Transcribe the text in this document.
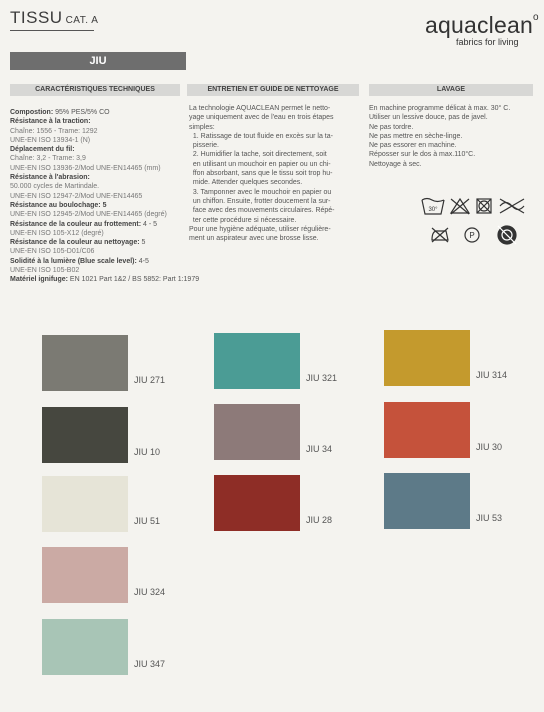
TISSU CAT. A	aquaclean$^o$
fabrics for living
JIU
CARACTÉRISTIQUES TECHNIQUES	ENTRETIEN ET GUIDE DE NETTOYAGE	LAVAGE
Compostion: 95% PES/5% CO
Résistance à la traction:
Chaîne: 1556 - Trame: 1292
UNE-EN ISO 13934-1 (N)
Déplacement du fil:
Chaîne: 3,2 - Trame: 3,9
UNE-EN ISO 13936-2/Mod UNE-EN14465 (mm)
Résistance à l'abrasion:
50.000 cycles de Martindale.
UNE-EN ISO 12947-2/Mod UNE-EN14465
Résistance au boulochage: 5
UNE-EN ISO 12945-2/Mod UNE-EN14465 (degré)
Résistance de la couleur au frottement: 4 - 5
UNE-EN ISO 105-X12 (degré)
Résistance de la couleur au nettoyage: 5
UNE-EN ISO 105-D01/C06
Solidité à la lumière (Blue scale level): 4-5
UNE-EN ISO 105-B02
Matériel ignifuge: EN 1021 Part 1&2 / BS 5852: Part 1:1979
La technologie AQUACLEAN permet le netto-
yage uniquement avec de l'eau en trois étapes
simples:
1. Ratissage de tout fluide en excès sur la ta-
pisserie.
2. Humidifier la tache, soit directement, soit
en utilisant un mouchoir en papier ou un chi-
ffon absorbant, sans que le tissu soit trop hu-
mide. Attender quelques secondes.
3. Tamponner avec le mouchoir en papier ou
un chiffon. Ensuite, frotter doucement la sur-
face avec des mouvements circulaires. Répé-
ter cette procédure si nécessaire.
Pour une hygiène adéquate, utiliser régulière-
ment un aspirateur avec une brosse lisse.
En machine programme délicat à max. 30° C.
Utiliser un lessive douce, pas de javel.
Ne pas tordre.
Ne pas mettre en sèche-linge.
Ne pas essorer en machine.
Réposser sur le dos à max.110°C.
Nettoyage à sec.
30°
P
JIU 271
JIU 10
JIU 51
JIU 324
JIU 347
JIU 321
JIU 34
JIU 28
JIU 314
JIU 30
JIU 53
